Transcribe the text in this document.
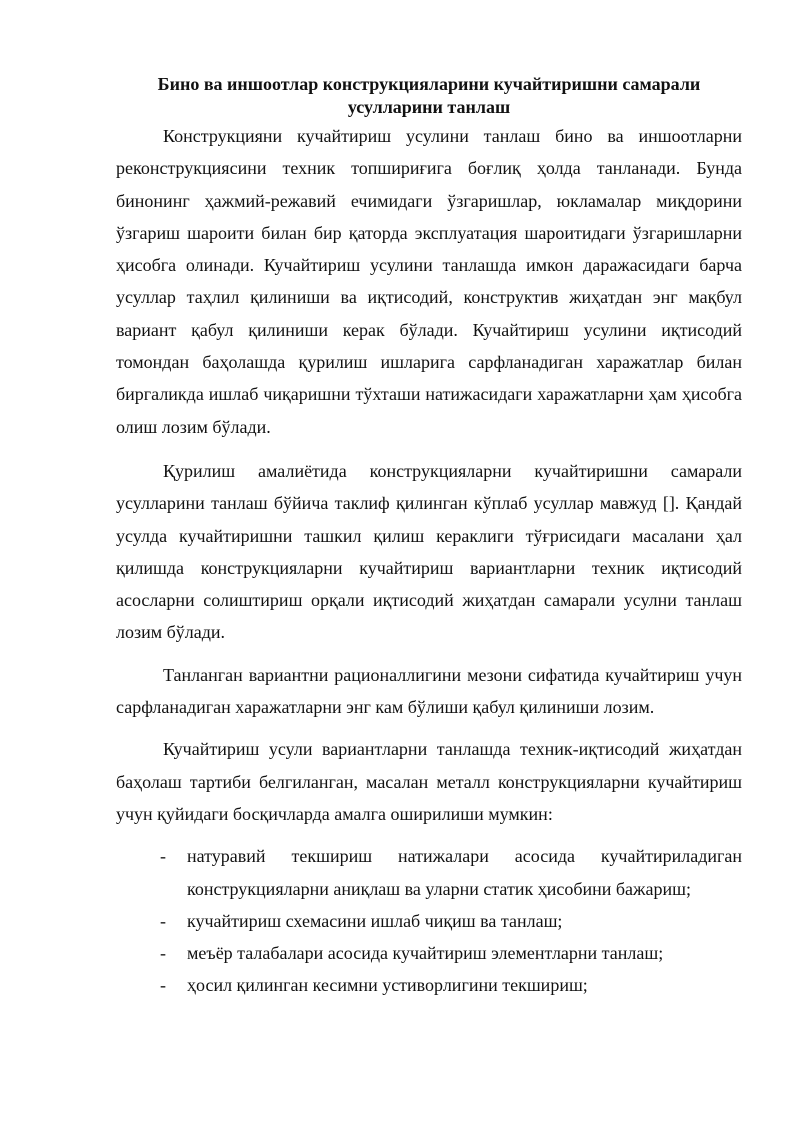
Бино ва иншоотлар конструкцияларини кучайтиришни самарали усулларини танлаш

Конструкцияни кучайтириш усулини танлаш бино ва иншоотларни реконструкциясини техник топшириғига боғлиқ ҳолда танланади. Бунда бинонинг ҳажмий-режавий ечимидаги ўзгаришлар, юкламалар миқдорини ўзгариш шароити билан бир қаторда эксплуатация шароитидаги ўзгаришларни ҳисобга олинади. Кучайтириш усулини танлашда имкон даражасидаги барча усуллар таҳлил қилиниши ва иқтисодий, конструктив жиҳатдан энг мақбул вариант қабул қилиниши керак бўлади. Кучайтириш усулини иқтисодий томондан баҳолашда қурилиш ишларига сарфланадиган харажатлар билан биргаликда ишлаб чиқаришни тўхташи натижасидаги харажатларни ҳам ҳисобга олиш лозим бўлади.

Қурилиш амалиётида конструкцияларни кучайтиришни самарали усулларини танлаш бўйича таклиф қилинган кўплаб усуллар мавжуд []. Қандай усулда кучайтиришни ташкил қилиш кераклиги тўғрисидаги масалани ҳал қилишда конструкцияларни кучайтириш вариантларни техник иқтисодий асосларни солиштириш орқали иқтисодий жиҳатдан самарали усулни танлаш лозим бўлади.

Танланган вариантни рационаллигини мезони сифатида кучайтириш учун сарфланадиган харажатларни энг кам бўлиши қабул қилиниши лозим.

Кучайтириш усули вариантларни танлашда техник-иқтисодий жиҳатдан баҳолаш тартиби белгиланган, масалан металл конструкцияларни кучайтириш учун қуйидаги босқичларда амалга оширилиши мумкин:

- натуравий текшириш натижалари асосида кучайтириладиган конструкцияларни аниқлаш ва уларни статик ҳисобини бажариш;
- кучайтириш схемасини ишлаб чиқиш ва танлаш;
- меъёр талабалари асосида кучайтириш элементларни танлаш;
- ҳосил қилинган кесимни устиворлигини текшириш;
